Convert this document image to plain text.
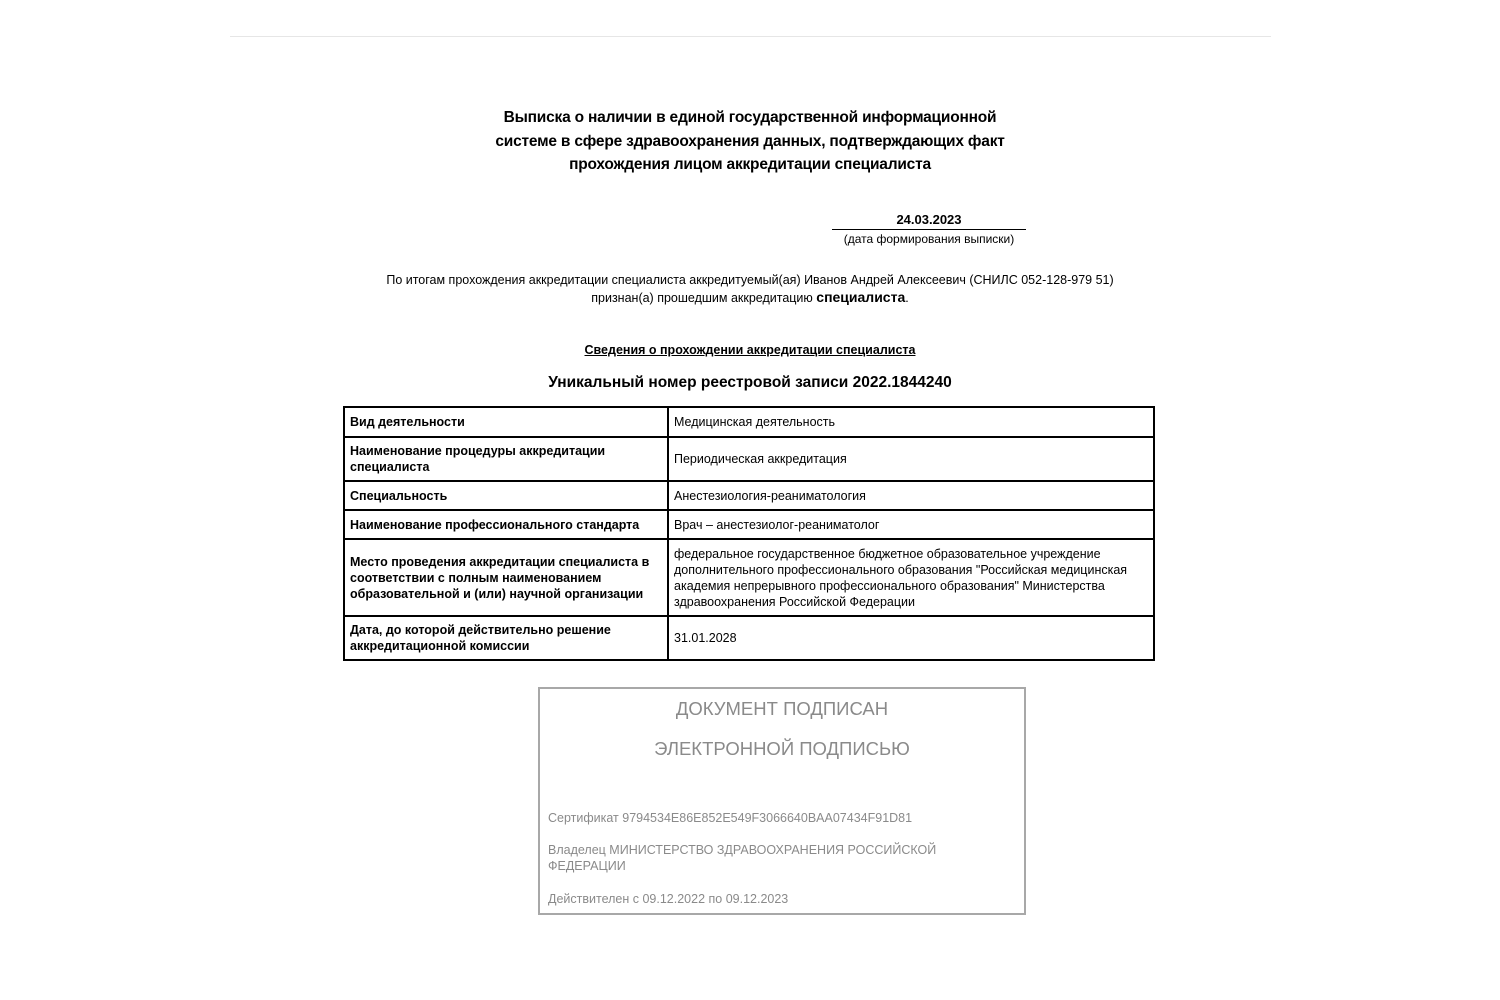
Выписка о наличии в единой государственной информационной
системе в сфере здравоохранения данных, подтверждающих факт
прохождения лицом аккредитации специалиста
24.03.2023
(дата формирования выписки)
По итогам прохождения аккредитации специалиста аккредитуемый(ая) Иванов Андрей Алексеевич (СНИЛС 052-128-979 51)
признан(а) прошедшим аккредитацию специалиста.
Сведения о прохождении аккредитации специалиста
Уникальный номер реестровой записи 2022.1844240
Вид деятельности	Медицинская деятельность
Наименование процедуры аккредитации специалиста	Периодическая аккредитация
Специальность	Анестезиология-реаниматология
Наименование профессионального стандарта	Врач – анестезиолог-реаниматолог
Место проведения аккредитации специалиста в соответствии с полным наименованием образовательной и (или) научной организации	федеральное государственное бюджетное образовательное учреждение дополнительного профессионального образования "Российская медицинская академия непрерывного профессионального образования" Министерства здравоохранения Российской Федерации
Дата, до которой действительно решение аккредитационной комиссии	31.01.2028
ДОКУМЕНТ ПОДПИСАН
ЭЛЕКТРОННОЙ ПОДПИСЬЮ
Сертификат 9794534E86E852E549F3066640BAA07434F91D81
Владелец МИНИСТЕРСТВО ЗДРАВООХРАНЕНИЯ РОССИЙСКОЙ ФЕДЕРАЦИИ
Действителен с 09.12.2022 по 09.12.2023
